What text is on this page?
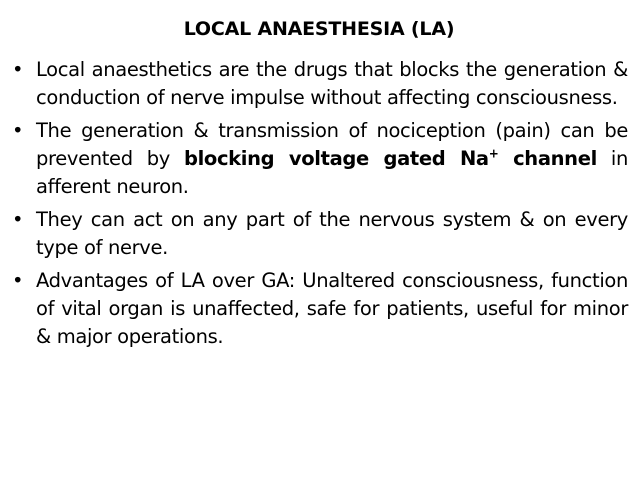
LOCAL ANAESTHESIA (LA)
• Local anaesthetics are the drugs that blocks the generation & conduction of nerve impulse without affecting consciousness.
• The generation & transmission of nociception (pain) can be prevented by blocking voltage gated Na+ channel in afferent neuron.
• They can act on any part of the nervous system & on every type of nerve.
• Advantages of LA over GA: Unaltered consciousness, function of vital organ is unaffected, safe for patients, useful for minor & major operations.
